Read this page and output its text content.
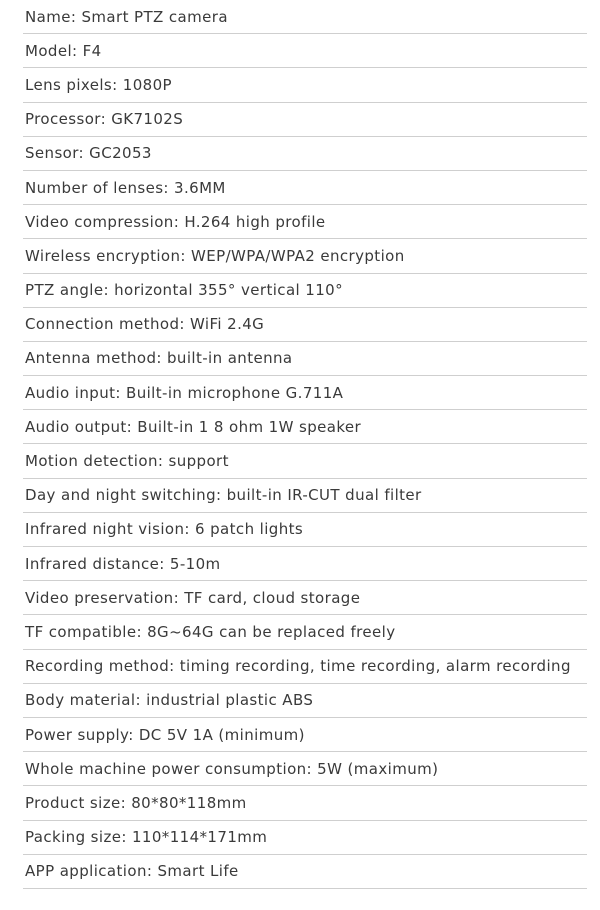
Name: Smart PTZ camera
Model: F4
Lens pixels: 1080P
Processor: GK7102S
Sensor: GC2053
Number of lenses: 3.6MM
Video compression: H.264 high profile
Wireless encryption: WEP/WPA/WPA2 encryption
PTZ angle: horizontal 355° vertical 110°
Connection method: WiFi 2.4G
Antenna method: built-in antenna
Audio input: Built-in microphone G.711A
Audio output: Built-in 1 8 ohm 1W speaker
Motion detection: support
Day and night switching: built-in IR-CUT dual filter
Infrared night vision: 6 patch lights
Infrared distance: 5-10m
Video preservation: TF card, cloud storage
TF compatible: 8G~64G can be replaced freely
Recording method: timing recording, time recording, alarm recording
Body material: industrial plastic ABS
Power supply: DC 5V 1A (minimum)
Whole machine power consumption: 5W (maximum)
Product size: 80*80*118mm
Packing size: 110*114*171mm
APP application: Smart Life
